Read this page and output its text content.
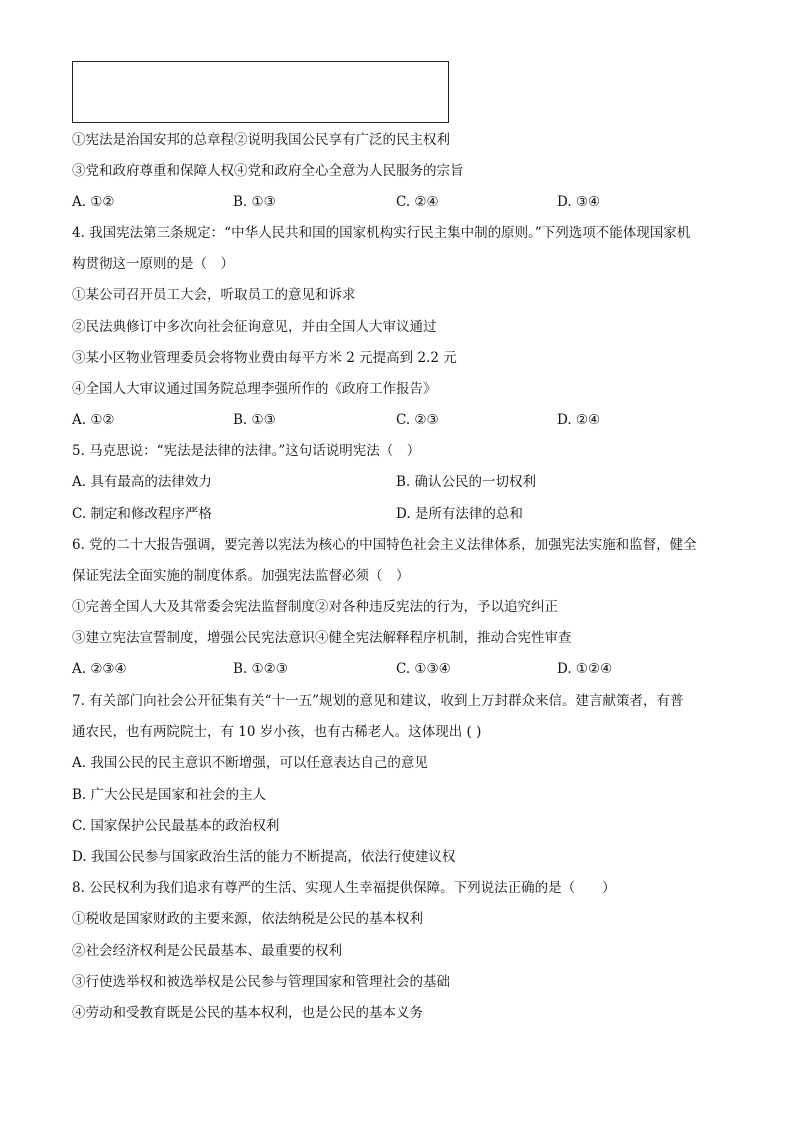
①宪法是治国安邦的总章程②说明我国公民享有广泛的民主权利
③党和政府尊重和保障人权④党和政府全心全意为人民服务的宗旨
A. ①②	B. ①③	C. ②④	D. ③④
4. 我国宪法第三条规定：“中华人民共和国的国家机构实行民主集中制的原则。”下列选项不能体现国家机
构贯彻这一原则的是（　）
①某公司召开员工大会，听取员工的意见和诉求
②民法典修订中多次向社会征询意见，并由全国人大审议通过
③某小区物业管理委员会将物业费由每平方米 2 元提高到 2.2 元
④全国人大审议通过国务院总理李强所作的《政府工作报告》
A. ①②	B. ①③	C. ②③	D. ②④
5. 马克思说：“宪法是法律的法律。”这句话说明宪法（　）
A. 具有最高的法律效力	B. 确认公民的一切权利
C. 制定和修改程序严格	D. 是所有法律的总和
6. 党的二十大报告强调，要完善以宪法为核心的中国特色社会主义法律体系，加强宪法实施和监督，健全
保证宪法全面实施的制度体系。加强宪法监督必须（　）
①完善全国人大及其常委会宪法监督制度②对各种违反宪法的行为，予以追究纠正
③建立宪法宣誓制度，增强公民宪法意识④健全宪法解释程序机制，推动合宪性审查
A. ②③④	B. ①②③	C. ①③④	D. ①②④
7. 有关部门向社会公开征集有关“十一五”规划的意见和建议，收到上万封群众来信。建言献策者，有普
通农民，也有两院院士，有 10 岁小孩，也有古稀老人。这体现出 ( )
A. 我国公民的民主意识不断增强，可以任意表达自己的意见
B. 广大公民是国家和社会的主人
C. 国家保护公民最基本的政治权利
D. 我国公民参与国家政治生活的能力不断提高，依法行使建议权
8. 公民权利为我们追求有尊严的生活、实现人生幸福提供保障。下列说法正确的是（　　）
①税收是国家财政的主要来源，依法纳税是公民的基本权利
②社会经济权利是公民最基本、最重要的权利
③行使选举权和被选举权是公民参与管理国家和管理社会的基础
④劳动和受教育既是公民的基本权利，也是公民的基本义务
